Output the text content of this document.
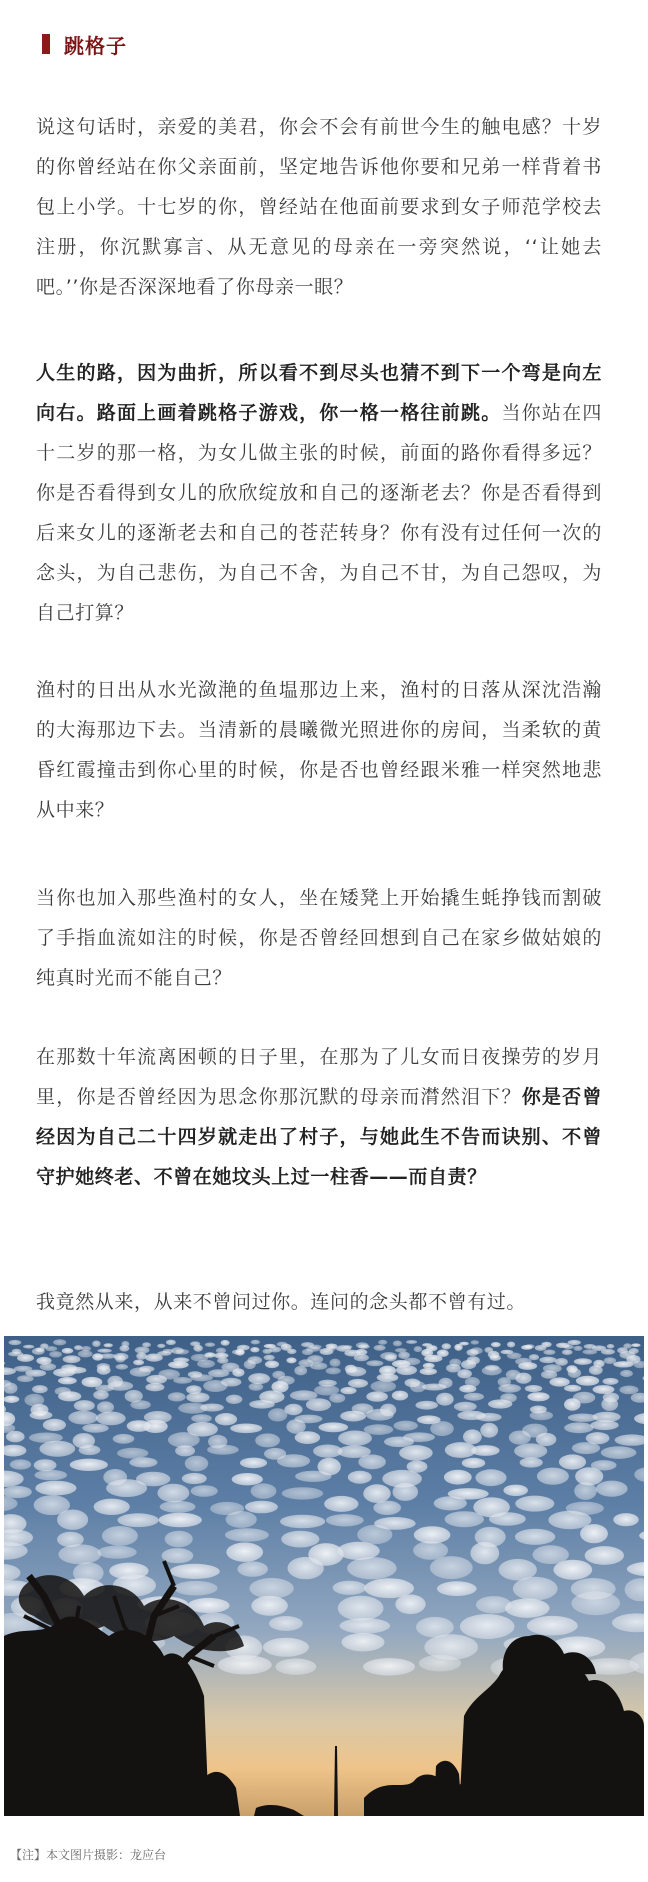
跳格子

说这句话时，亲爱的美君，你会不会有前世今生的触电感？十岁的你曾经站在你父亲面前，坚定地告诉他你要和兄弟一样背着书包上小学。十七岁的你，曾经站在他面前要求到女子师范学校去注册，你沉默寡言、从无意见的母亲在一旁突然说，‘‘让她去吧。’’你是否深深地看了你母亲一眼？

人生的路，因为曲折，所以看不到尽头也猜不到下一个弯是向左向右。路面上画着跳格子游戏，你一格一格往前跳。当你站在四十二岁的那一格，为女儿做主张的时候，前面的路你看得多远？你是否看得到女儿的欣欣绽放和自己的逐渐老去？你是否看得到后来女儿的逐渐老去和自己的苍茫转身？你有没有过任何一次的念头，为自己悲伤，为自己不舍，为自己不甘，为自己怨叹，为自己打算？

渔村的日出从水光潋滟的鱼塭那边上来，渔村的日落从深沈浩瀚的大海那边下去。当清新的晨曦微光照进你的房间，当柔软的黄昏红霞撞击到你心里的时候，你是否也曾经跟米雅一样突然地悲从中来？

当你也加入那些渔村的女人，坐在矮凳上开始撬生蚝挣钱而割破了手指血流如注的时候，你是否曾经回想到自己在家乡做姑娘的纯真时光而不能自己？

在那数十年流离困顿的日子里，在那为了儿女而日夜操劳的岁月里，你是否曾经因为思念你那沉默的母亲而潸然泪下？你是否曾经因为自己二十四岁就走出了村子，与她此生不告而诀别、不曾守护她终老、不曾在她坟头上过一柱香——而自责？

我竟然从来，从来不曾问过你。连问的念头都不曾有过。

【注】本文图片摄影：龙应台
